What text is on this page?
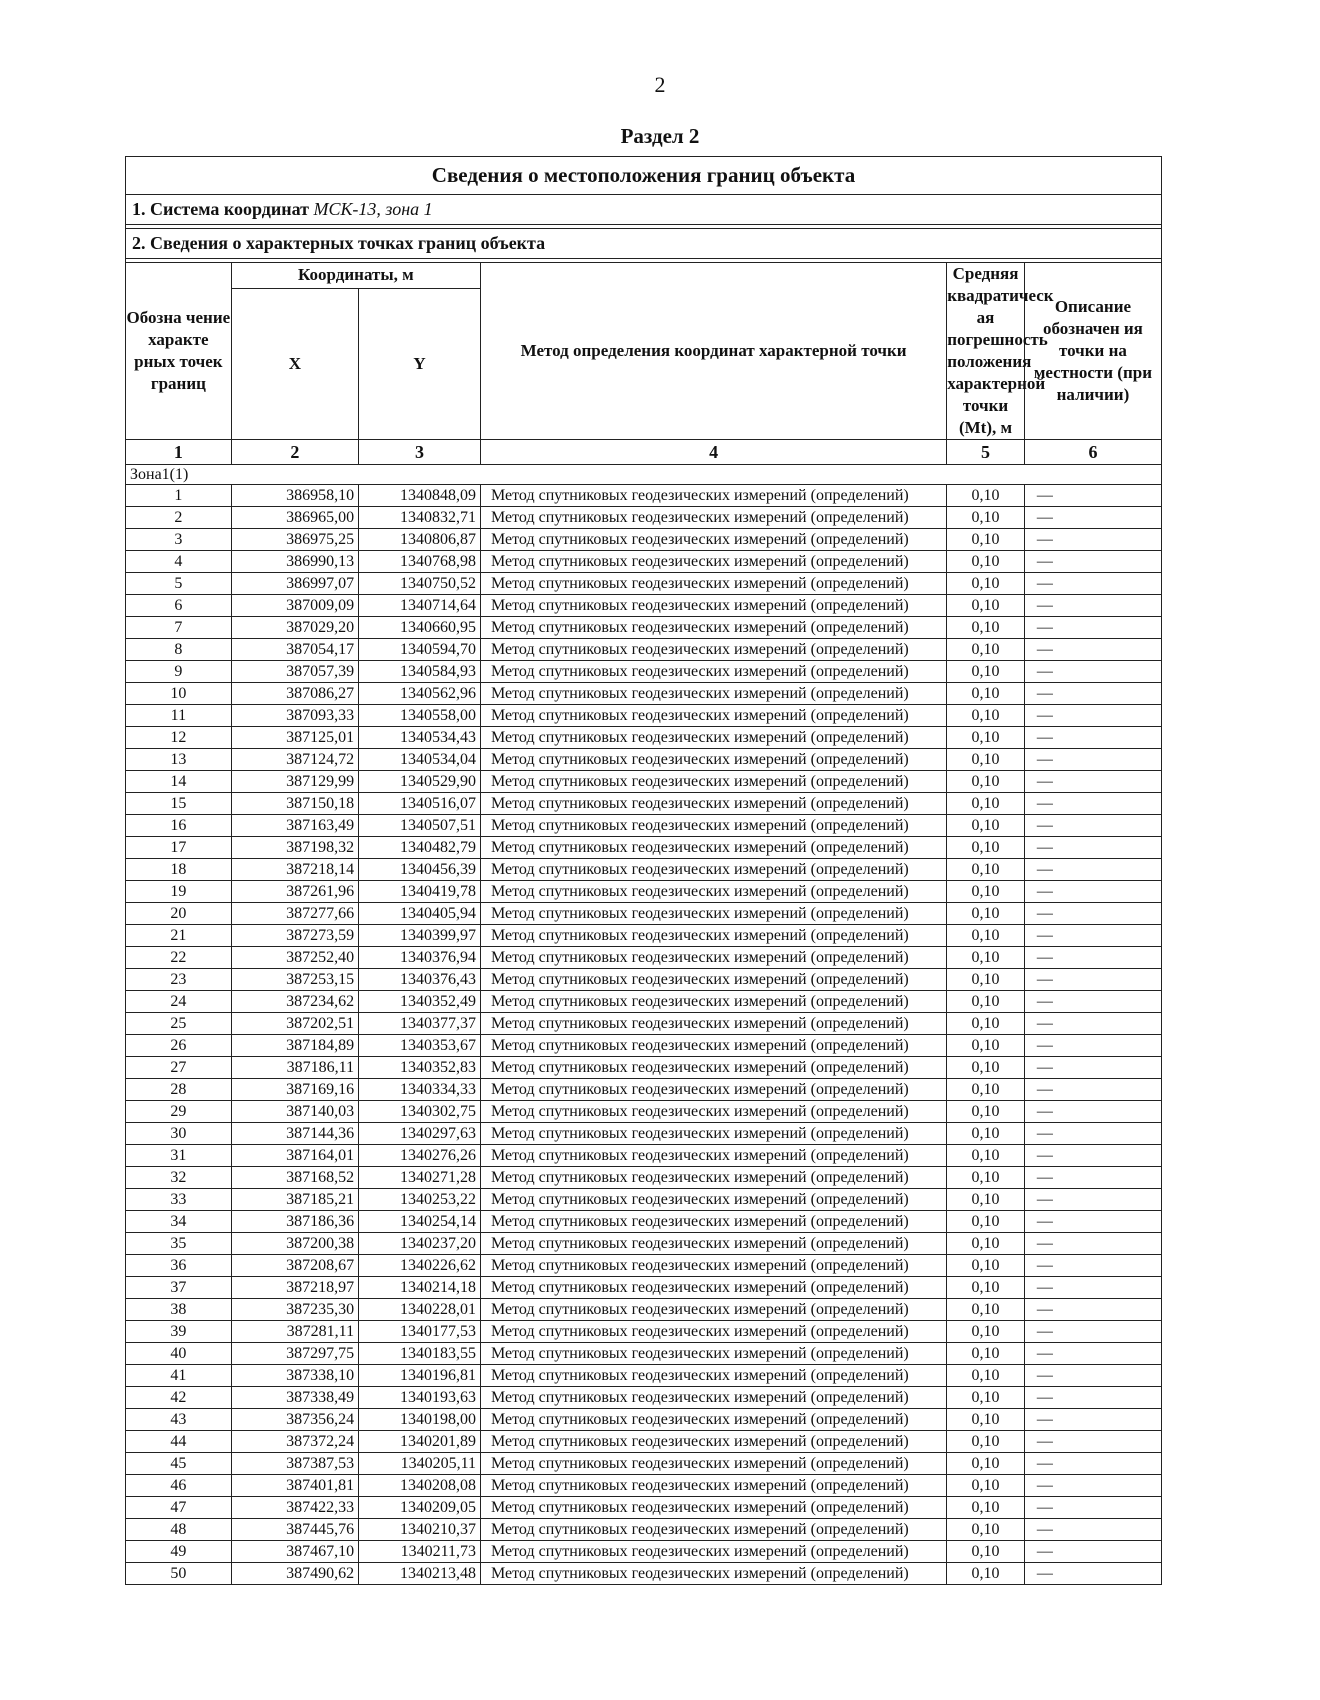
2
Раздел 2
Сведения о местоположения границ объекта					
1. Система координат МСК-13, зона 1					

2. Сведения о характерных точках границ объекта					

Обозна чение характе рных точек границ	Координаты, м		Метод определения координат характерной точки	Средняя квадратическ ая погрешность положения характерной точки (Mt), м	Описание обозначен ия точки на местности (при наличии)
	X	Y			
1	2	3	4	5	6
Зона1(1)					
1	386958,10	1340848,09	Метод спутниковых геодезических измерений (определений)	0,10	—
2	386965,00	1340832,71	Метод спутниковых геодезических измерений (определений)	0,10	—
3	386975,25	1340806,87	Метод спутниковых геодезических измерений (определений)	0,10	—
4	386990,13	1340768,98	Метод спутниковых геодезических измерений (определений)	0,10	—
5	386997,07	1340750,52	Метод спутниковых геодезических измерений (определений)	0,10	—
6	387009,09	1340714,64	Метод спутниковых геодезических измерений (определений)	0,10	—
7	387029,20	1340660,95	Метод спутниковых геодезических измерений (определений)	0,10	—
8	387054,17	1340594,70	Метод спутниковых геодезических измерений (определений)	0,10	—
9	387057,39	1340584,93	Метод спутниковых геодезических измерений (определений)	0,10	—
10	387086,27	1340562,96	Метод спутниковых геодезических измерений (определений)	0,10	—
11	387093,33	1340558,00	Метод спутниковых геодезических измерений (определений)	0,10	—
12	387125,01	1340534,43	Метод спутниковых геодезических измерений (определений)	0,10	—
13	387124,72	1340534,04	Метод спутниковых геодезических измерений (определений)	0,10	—
14	387129,99	1340529,90	Метод спутниковых геодезических измерений (определений)	0,10	—
15	387150,18	1340516,07	Метод спутниковых геодезических измерений (определений)	0,10	—
16	387163,49	1340507,51	Метод спутниковых геодезических измерений (определений)	0,10	—
17	387198,32	1340482,79	Метод спутниковых геодезических измерений (определений)	0,10	—
18	387218,14	1340456,39	Метод спутниковых геодезических измерений (определений)	0,10	—
19	387261,96	1340419,78	Метод спутниковых геодезических измерений (определений)	0,10	—
20	387277,66	1340405,94	Метод спутниковых геодезических измерений (определений)	0,10	—
21	387273,59	1340399,97	Метод спутниковых геодезических измерений (определений)	0,10	—
22	387252,40	1340376,94	Метод спутниковых геодезических измерений (определений)	0,10	—
23	387253,15	1340376,43	Метод спутниковых геодезических измерений (определений)	0,10	—
24	387234,62	1340352,49	Метод спутниковых геодезических измерений (определений)	0,10	—
25	387202,51	1340377,37	Метод спутниковых геодезических измерений (определений)	0,10	—
26	387184,89	1340353,67	Метод спутниковых геодезических измерений (определений)	0,10	—
27	387186,11	1340352,83	Метод спутниковых геодезических измерений (определений)	0,10	—
28	387169,16	1340334,33	Метод спутниковых геодезических измерений (определений)	0,10	—
29	387140,03	1340302,75	Метод спутниковых геодезических измерений (определений)	0,10	—
30	387144,36	1340297,63	Метод спутниковых геодезических измерений (определений)	0,10	—
31	387164,01	1340276,26	Метод спутниковых геодезических измерений (определений)	0,10	—
32	387168,52	1340271,28	Метод спутниковых геодезических измерений (определений)	0,10	—
33	387185,21	1340253,22	Метод спутниковых геодезических измерений (определений)	0,10	—
34	387186,36	1340254,14	Метод спутниковых геодезических измерений (определений)	0,10	—
35	387200,38	1340237,20	Метод спутниковых геодезических измерений (определений)	0,10	—
36	387208,67	1340226,62	Метод спутниковых геодезических измерений (определений)	0,10	—
37	387218,97	1340214,18	Метод спутниковых геодезических измерений (определений)	0,10	—
38	387235,30	1340228,01	Метод спутниковых геодезических измерений (определений)	0,10	—
39	387281,11	1340177,53	Метод спутниковых геодезических измерений (определений)	0,10	—
40	387297,75	1340183,55	Метод спутниковых геодезических измерений (определений)	0,10	—
41	387338,10	1340196,81	Метод спутниковых геодезических измерений (определений)	0,10	—
42	387338,49	1340193,63	Метод спутниковых геодезических измерений (определений)	0,10	—
43	387356,24	1340198,00	Метод спутниковых геодезических измерений (определений)	0,10	—
44	387372,24	1340201,89	Метод спутниковых геодезических измерений (определений)	0,10	—
45	387387,53	1340205,11	Метод спутниковых геодезических измерений (определений)	0,10	—
46	387401,81	1340208,08	Метод спутниковых геодезических измерений (определений)	0,10	—
47	387422,33	1340209,05	Метод спутниковых геодезических измерений (определений)	0,10	—
48	387445,76	1340210,37	Метод спутниковых геодезических измерений (определений)	0,10	—
49	387467,10	1340211,73	Метод спутниковых геодезических измерений (определений)	0,10	—
50	387490,62	1340213,48	Метод спутниковых геодезических измерений (определений)	0,10	—
